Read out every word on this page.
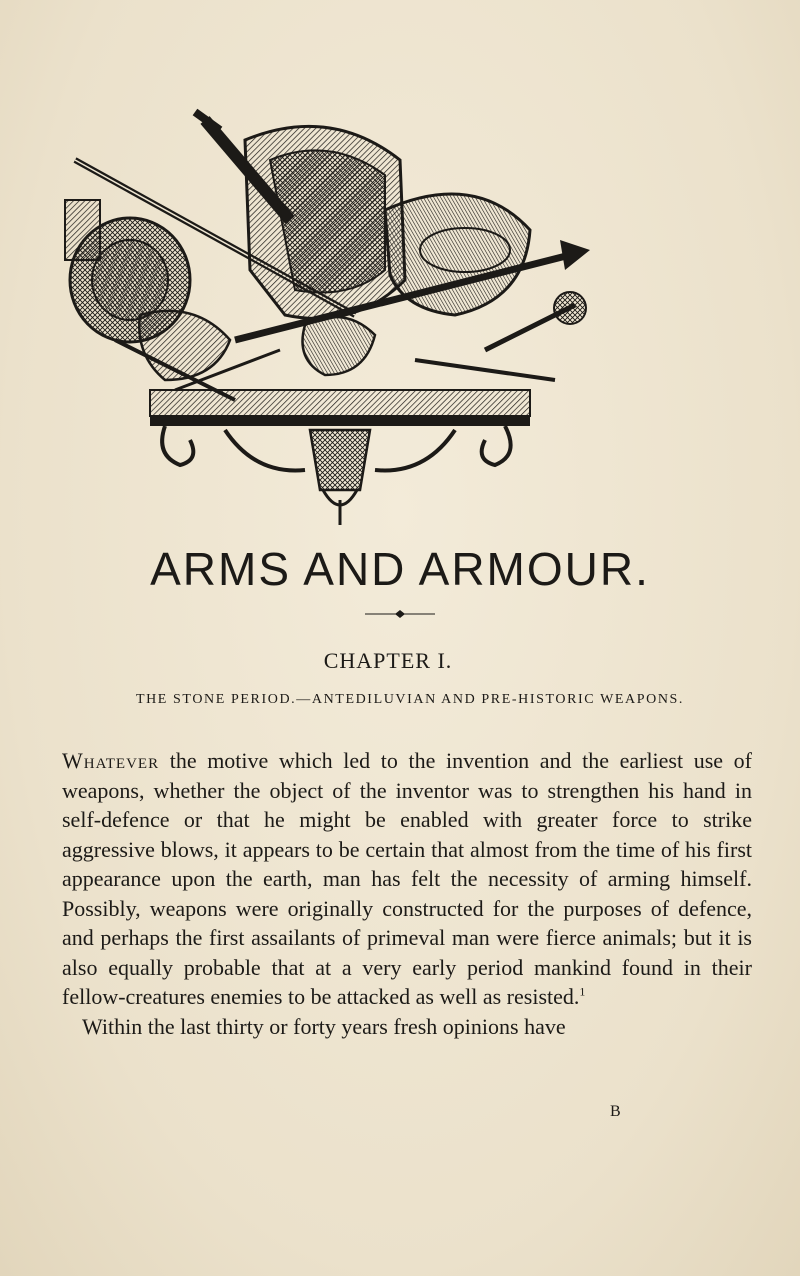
ARMS AND ARMOUR.
CHAPTER I.
THE STONE PERIOD.—ANTEDILUVIAN AND PRE-HISTORIC WEAPONS.

Whatever the motive which led to the invention and the earliest use of weapons, whether the object of the inventor was to strengthen his hand in self-defence or that he might be enabled with greater force to strike aggressive blows, it appears to be certain that almost from the time of his first appearance upon the earth, man has felt the necessity of arming himself. Possibly, weapons were originally constructed for the purposes of defence, and perhaps the first assailants of primeval man were fierce animals; but it is also equally probable that at a very early period mankind found in their fellow-creatures enemies to be attacked as well as resisted.$^1$

Within the last thirty or forty years fresh opinions have

B
